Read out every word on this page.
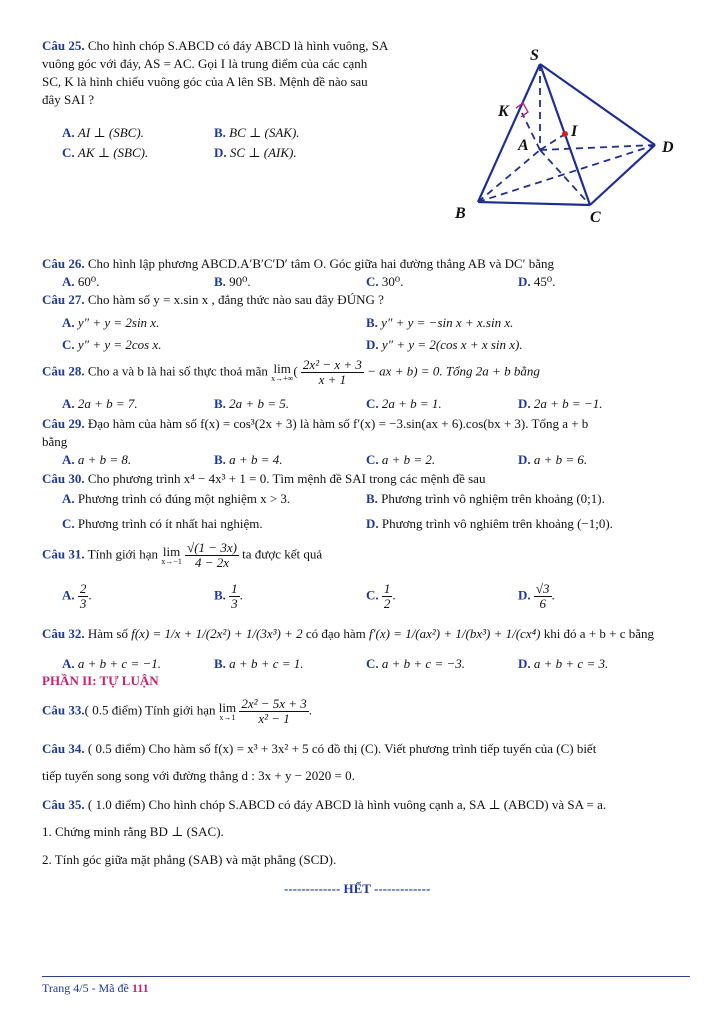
Câu 25. Cho hình chóp S.ABCD có đáy ABCD là hình vuông, SA
vuông góc với đáy, AS = AC. Gọi I là trung điểm của các cạnh
SC, K là hình chiếu vuông góc của A lên SB. Mệnh đề nào sau
đây SAI ?
A. AI ⊥ (SBC).	B. BC ⊥ (SAK).
C. AK ⊥ (SBC).	D. SC ⊥ (AIK).
S
K
I
A	D
B	C
Câu 26. Cho hình lập phương ABCD.A′B′C′D′ tâm O. Góc giữa hai đường thẳng AB và DC′ bằng
A. 60⁰.	B. 90⁰.	C. 30⁰.	D. 45⁰.
Câu 27. Cho hàm số y = x.sin x , đẳng thức nào sau đây ĐÚNG ?
A. y″ + y = 2sin x.	B. y″ + y = −sin x + x.sin x.
C. y″ + y = 2cos x.	D. y″ + y = 2(cos x + x sin x).
Câu 28. Cho a và b là hai số thực thoả mãn lim
x→+∞ ( $\frac{\text{2x² − x + 3}}{x + 1}$ − ax + b) = 0. Tổng 2a + b bằng
A. 2a + b = 7.	B. 2a + b = 5.	C. 2a + b = 1.	D. 2a + b = −1.
Câu 29. Đạo hàm của hàm số f(x) = cos³(2x + 3) là hàm số f′(x) = −3.sin(ax + 6).cos(bx + 3). Tổng a + b
bằng
A. a + b = 8.	B. a + b = 4.	C. a + b = 2.	D. a + b = 6.
Câu 30. Cho phương trình x⁴ − 4x³ + 1 = 0. Tìm mệnh đề SAI trong các mệnh đề sau
A. Phương trình có đúng một nghiệm x > 3.	B. Phương trình vô nghiệm trên khoảng (0;1).
C. Phương trình có ít nhất hai nghiệm.	D. Phương trình vô nghiêm trên khoảng (−1;0).
Câu 31. Tính giới hạn lim
x→−1
$\frac{√(1 - 3x)}{4 - 2x}$ ta được kết quả
A. $\frac{2}{3}$ .	B. $\frac{1}{3}$ .	C. $\frac{1}{2}$ .	D. $\frac{√3}{6}$ .
Câu 32. Hàm số f(x) = 1/x + 1/(2x²) + 1/(3x³) + 2 có đạo hàm f′(x) = 1/(ax²) + 1/(bx³) + 1/(cx⁴) khi đó a + b + c bằng
A. a + b + c = −1.	B. a + b + c = 1.	C. a + b + c = −3.	D. a + b + c = 3.
PHẦN II: TỰ LUẬN
Câu 33.( 0.5 điểm) Tính giới hạn lim
x→1
$\frac{\text{2x² − 5x + 3}}{\text{x² − 1}}$ .
Câu 34. ( 0.5 điểm) Cho hàm số f(x) = x³ + 3x² + 5 có đồ thị (C). Viết phương trình tiếp tuyến của (C) biết
tiếp tuyến song song với đường thẳng d : 3x + y − 2020 = 0.
Câu 35. ( 1.0 điểm) Cho hình chóp S.ABCD có đáy ABCD là hình vuông cạnh a, SA ⊥ (ABCD) và SA = a.
1. Chứng minh rằng BD ⊥ (SAC).
2. Tính góc giữa mặt phẳng (SAB) và mặt phẳng (SCD).
------------- HẾT -------------
Trang 4/5 - Mã đề 111
